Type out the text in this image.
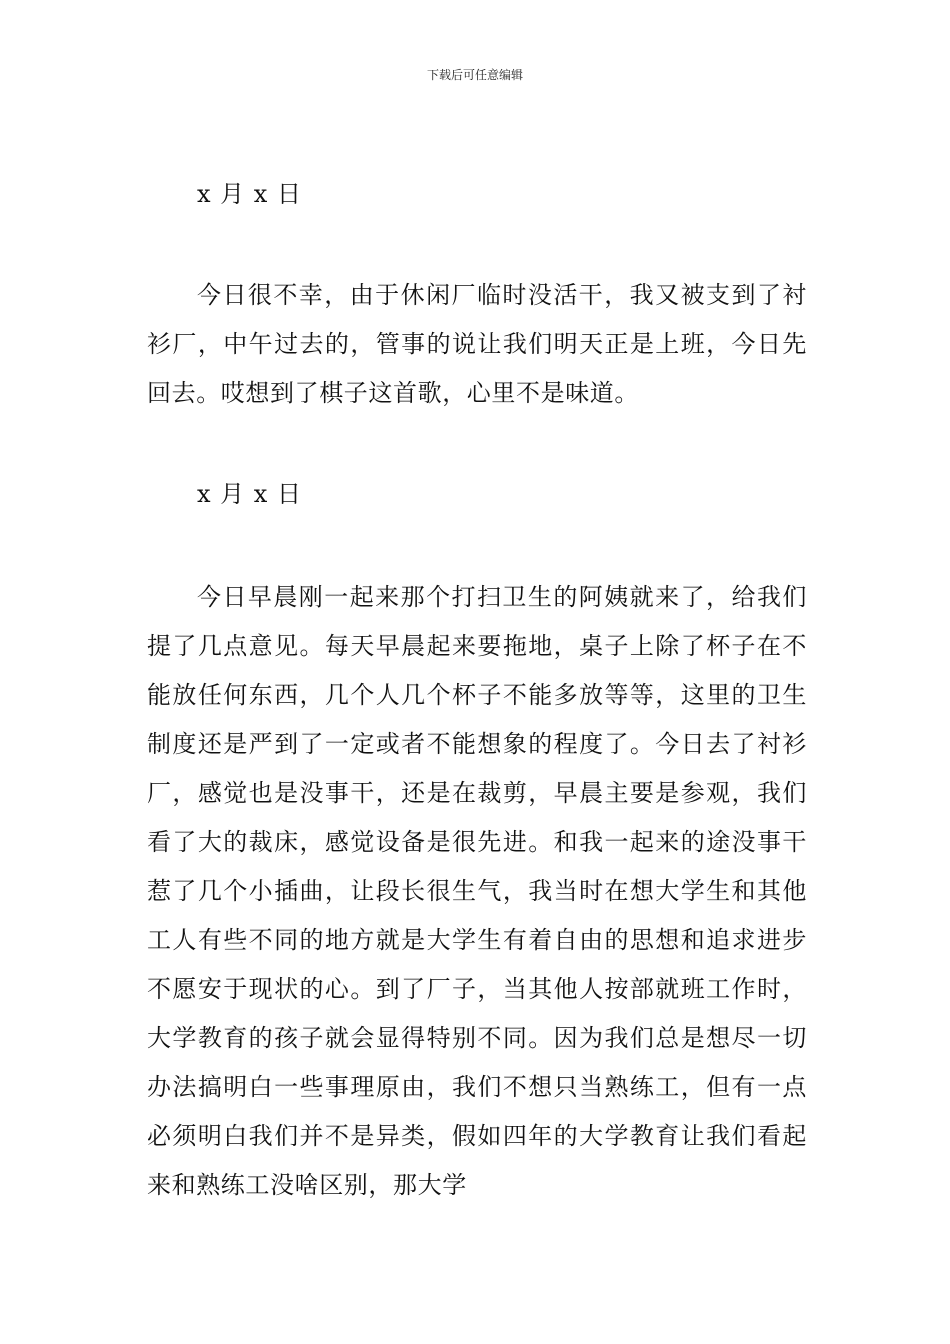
下载后可任意编辑

x 月 x 日

今日很不幸，由于休闲厂临时没活干，我又被支到了衬衫厂，中午过去的，管事的说让我们明天正是上班，今日先回去。哎想到了棋子这首歌，心里不是味道。

x 月 x 日

今日早晨刚一起来那个打扫卫生的阿姨就来了，给我们提了几点意见。每天早晨起来要拖地，桌子上除了杯子在不能放任何东西，几个人几个杯子不能多放等等，这里的卫生制度还是严到了一定或者不能想象的程度了。今日去了衬衫厂，感觉也是没事干，还是在裁剪，早晨主要是参观，我们看了大的裁床，感觉设备是很先进。和我一起来的途没事干惹了几个小插曲，让段长很生气，我当时在想大学生和其他工人有些不同的地方就是大学生有着自由的思想和追求进步不愿安于现状的心。到了厂子，当其他人按部就班工作时，大学教育的孩子就会显得特别不同。因为我们总是想尽一切办法搞明白一些事理原由，我们不想只当熟练工，但有一点必须明白我们并不是异类，假如四年的大学教育让我们看起来和熟练工没啥区别，那大学
